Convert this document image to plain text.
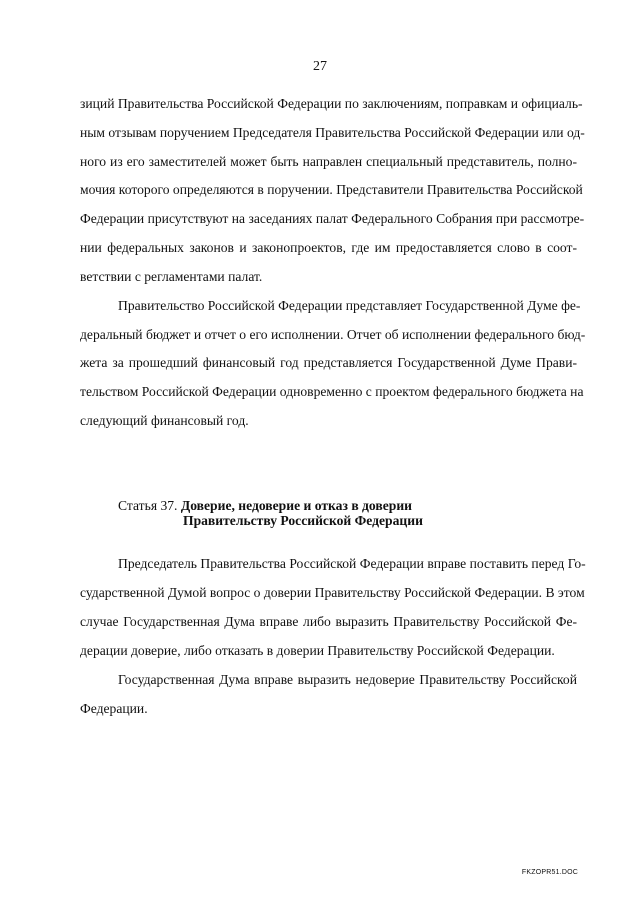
27
зиций Правительства Российской Федерации по заключениям, поправкам и официаль-
ным отзывам поручением Председателя Правительства Российской Федерации или од-
ного из его заместителей может быть направлен специальный представитель, полно-
мочия которого определяются в поручении. Представители Правительства Российской
Федерации присутствуют на заседаниях палат Федерального Собрания при рассмотре-
нии федеральных законов и законопроектов, где им предоставляется слово в соот-
ветствии с регламентами палат.
Правительство Российской Федерации представляет Государственной Думе фе-
деральный бюджет и отчет о его исполнении. Отчет об исполнении федерального бюд-
жета за прошедший финансовый год представляется Государственной Думе Прави-
тельством Российской Федерации одновременно с проектом федерального бюджета на
следующий финансовый год.
Статья 37. Доверие, недоверие и отказ в доверии
Правительству Российской Федерации
Председатель Правительства Российской Федерации вправе поставить перед Го-
сударственной Думой вопрос о доверии Правительству Российской Федерации. В этом
случае Государственная Дума вправе либо выразить Правительству Российской Фе-
дерации доверие, либо отказать в доверии Правительству Российской Федерации.
Государственная Дума вправе выразить недоверие Правительству Российской
Федерации.
FKZOPR51.DOC
